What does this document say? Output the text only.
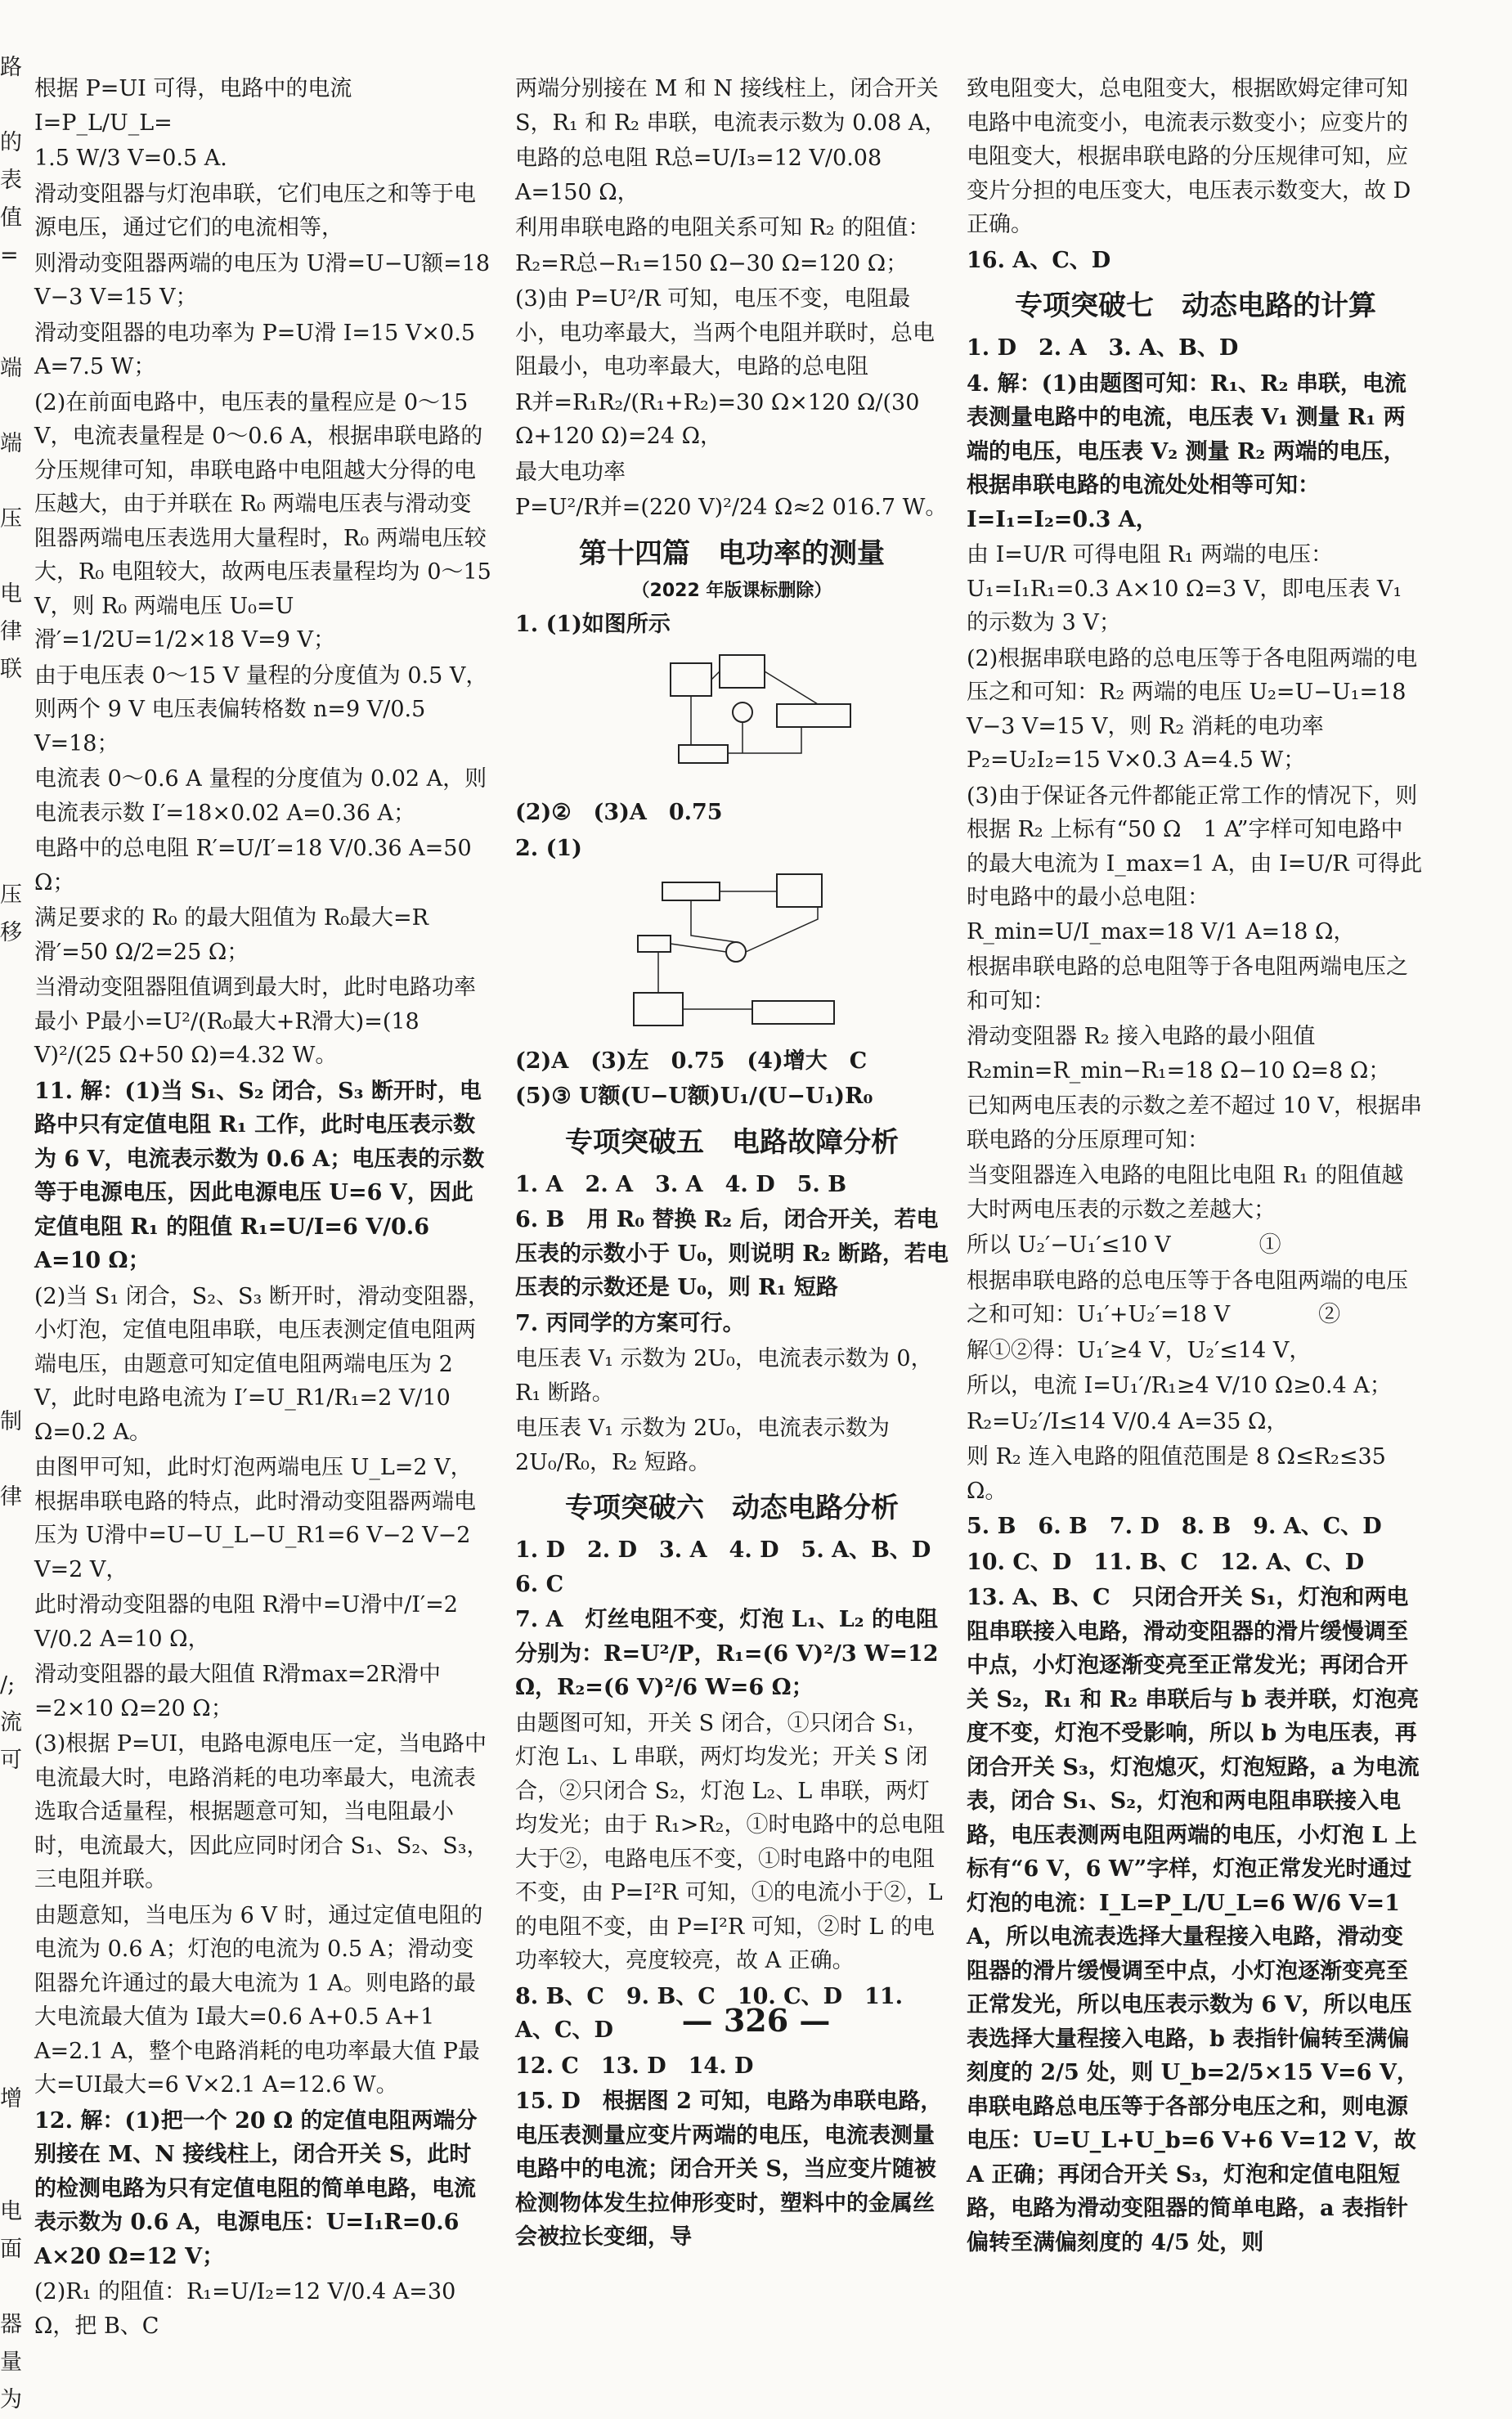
路
的
表
值
=
端
端
压
电
律
联
压
移
制
律
/;
流
可
增
电
面
器
量
为

根据 P=UI 可得，电路中的电流 I=P_L/U_L=

1.5 W/3 V=0.5 A.

滑动变阻器与灯泡串联，它们电压之和等于电源电压，通过它们的电流相等，

则滑动变阻器两端的电压为 U滑=U−U额=18 V−3 V=15 V；

滑动变阻器的电功率为 P=U滑 I=15 V×0.5 A=7.5 W；

(2)在前面电路中，电压表的量程应是 0～15 V，电流表量程是 0～0.6 A，根据串联电路的分压规律可知，串联电路中电阻越大分得的电压越大，由于并联在 R₀ 两端电压表与滑动变阻器两端电压表选用大量程时，R₀ 两端电压较大，R₀ 电阻较大，故两电压表量程均为 0～15 V，则 R₀ 两端电压 U₀=U滑′=1/2U=1/2×18 V=9 V；

由于电压表 0～15 V 量程的分度值为 0.5 V，则两个 9 V 电压表偏转格数 n=9 V/0.5 V=18；

电流表 0～0.6 A 量程的分度值为 0.02 A，则电流表示数 I′=18×0.02 A=0.36 A；

电路中的总电阻 R′=U/I′=18 V/0.36 A=50 Ω；

满足要求的 R₀ 的最大阻值为 R₀最大=R滑′=50 Ω/2=25 Ω；

当滑动变阻器阻值调到最大时，此时电路功率最小 P最小=U²/(R₀最大+R滑大)=(18 V)²/(25 Ω+50 Ω)=4.32 W。

11. 解：(1)当 S₁、S₂ 闭合，S₃ 断开时，电路中只有定值电阻 R₁ 工作，此时电压表示数为 6 V，电流表示数为 0.6 A；电压表的示数等于电源电压，因此电源电压 U=6 V，因此定值电阻 R₁ 的阻值 R₁=U/I=6 V/0.6 A=10 Ω；

(2)当 S₁ 闭合，S₂、S₃ 断开时，滑动变阻器，小灯泡，定值电阻串联，电压表测定值电阻两端电压，由题意可知定值电阻两端电压为 2 V，此时电路电流为 I′=U_R1/R₁=2 V/10 Ω=0.2 A。

由图甲可知，此时灯泡两端电压 U_L=2 V，根据串联电路的特点，此时滑动变阻器两端电压为 U滑中=U−U_L−U_R1=6 V−2 V−2 V=2 V，

此时滑动变阻器的电阻 R滑中=U滑中/I′=2 V/0.2 A=10 Ω，

滑动变阻器的最大阻值 R滑max=2R滑中=2×10 Ω=20 Ω；

(3)根据 P=UI，电路电源电压一定，当电路中电流最大时，电路消耗的电功率最大，电流表选取合适量程，根据题意可知，当电阻最小时，电流最大，因此应同时闭合 S₁、S₂、S₃，三电阻并联。

由题意知，当电压为 6 V 时，通过定值电阻的电流为 0.6 A；灯泡的电流为 0.5 A；滑动变阻器允许通过的最大电流为 1 A。则电路的最大电流最大值为 I最大=0.6 A+0.5 A+1 A=2.1 A，整个电路消耗的电功率最大值 P最大=UI最大=6 V×2.1 A=12.6 W。

12. 解：(1)把一个 20 Ω 的定值电阻两端分别接在 M、N 接线柱上，闭合开关 S，此时的检测电路为只有定值电阻的简单电路，电流表示数为 0.6 A，电源电压：U=I₁R=0.6 A×20 Ω=12 V；

(2)R₁ 的阻值：R₁=U/I₂=12 V/0.4 A=30 Ω，把 B、C

两端分别接在 M 和 N 接线柱上，闭合开关 S，R₁ 和 R₂ 串联，电流表示数为 0.08 A，

电路的总电阻 R总=U/I₃=12 V/0.08 A=150 Ω，

利用串联电路的电阻关系可知 R₂ 的阻值：

R₂=R总−R₁=150 Ω−30 Ω=120 Ω；

(3)由 P=U²/R 可知，电压不变，电阻最小，电功率最大，当两个电阻并联时，总电阻最小，电功率最大，电路的总电阻

R并=R₁R₂/(R₁+R₂)=30 Ω×120 Ω/(30 Ω+120 Ω)=24 Ω，

最大电功率

P=U²/R并=(220 V)²/24 Ω≈2 016.7 W。

第十四篇　电功率的测量
（2022 年版课标删除）

1. (1)如图所示

(2)②　(3)A　0.75

2. (1)

(2)A　(3)左　0.75　(4)增大　C

(5)③ U额(U−U额)U₁/(U−U₁)R₀

专项突破五　电路故障分析

1. A　2. A　3. A　4. D　5. B

6. B　用 R₀ 替换 R₂ 后，闭合开关，若电压表的示数小于 U₀，则说明 R₂ 断路，若电压表的示数还是 U₀，则 R₁ 短路

7. 丙同学的方案可行。

电压表 V₁ 示数为 2U₀，电流表示数为 0，R₁ 断路。

电压表 V₁ 示数为 2U₀，电流表示数为 2U₀/R₀，R₂ 短路。

专项突破六　动态电路分析

1. D　2. D　3. A　4. D　5. A、B、D　6. C

7. A　灯丝电阻不变，灯泡 L₁、L₂ 的电阻分别为：R=U²/P，R₁=(6 V)²/3 W=12 Ω，R₂=(6 V)²/6 W=6 Ω；

由题图可知，开关 S 闭合，①只闭合 S₁，灯泡 L₁、L 串联，两灯均发光；开关 S 闭合，②只闭合 S₂，灯泡 L₂、L 串联，两灯均发光；由于 R₁>R₂，①时电路中的总电阻大于②，电路电压不变，①时电路中的电阻不变，由 P=I²R 可知，①的电流小于②，L 的电阻不变，由 P=I²R 可知，②时 L 的电功率较大，亮度较亮，故 A 正确。

8. B、C　9. B、C　10. C、D　11. A、C、D

12. C　13. D　14. D

15. D　根据图 2 可知，电路为串联电路，电压表测量应变片两端的电压，电流表测量电路中的电流；闭合开关 S，当应变片随被检测物体发生拉伸形变时，塑料中的金属丝会被拉长变细，导

致电阻变大，总电阻变大，根据欧姆定律可知电路中电流变小，电流表示数变小；应变片的电阻变大，根据串联电路的分压规律可知，应变片分担的电压变大，电压表示数变大，故 D 正确。

16. A、C、D

专项突破七　动态电路的计算

1. D　2. A　3. A、B、D

4. 解：(1)由题图可知：R₁、R₂ 串联，电流表测量电路中的电流，电压表 V₁ 测量 R₁ 两端的电压，电压表 V₂ 测量 R₂ 两端的电压，根据串联电路的电流处处相等可知：I=I₁=I₂=0.3 A，

由 I=U/R 可得电阻 R₁ 两端的电压：U₁=I₁R₁=0.3 A×10 Ω=3 V，即电压表 V₁ 的示数为 3 V；

(2)根据串联电路的总电压等于各电阻两端的电压之和可知：R₂ 两端的电压 U₂=U−U₁=18 V−3 V=15 V，则 R₂ 消耗的电功率 P₂=U₂I₂=15 V×0.3 A=4.5 W；

(3)由于保证各元件都能正常工作的情况下，则根据 R₂ 上标有“50 Ω　1 A”字样可知电路中的最大电流为 I_max=1 A，由 I=U/R 可得此时电路中的最小总电阻：R_min=U/I_max=18 V/1 A=18 Ω，

根据串联电路的总电阻等于各电阻两端电压之和可知：

滑动变阻器 R₂ 接入电路的最小阻值 R₂min=R_min−R₁=18 Ω−10 Ω=8 Ω；

已知两电压表的示数之差不超过 10 V，根据串联电路的分压原理可知：

当变阻器连入电路的电阻比电阻 R₁ 的阻值越大时两电压表的示数之差越大；

所以 U₂′−U₁′≤10 V　　　　①

根据串联电路的总电压等于各电阻两端的电压之和可知：U₁′+U₂′=18 V　　　　②

解①②得：U₁′≥4 V，U₂′≤14 V，

所以，电流 I=U₁′/R₁≥4 V/10 Ω≥0.4 A；

R₂=U₂′/I≤14 V/0.4 A=35 Ω，

则 R₂ 连入电路的阻值范围是 8 Ω≤R₂≤35 Ω。

5. B　6. B　7. D　8. B　9. A、C、D

10. C、D　11. B、C　12. A、C、D

13. A、B、C　只闭合开关 S₁，灯泡和两电阻串联接入电路，滑动变阻器的滑片缓慢调至中点，小灯泡逐渐变亮至正常发光；再闭合开关 S₂，R₁ 和 R₂ 串联后与 b 表并联，灯泡亮度不变，灯泡不受影响，所以 b 为电压表，再闭合开关 S₃，灯泡熄灭，灯泡短路，a 为电流表，闭合 S₁、S₂，灯泡和两电阻串联接入电路，电压表测两电阻两端的电压，小灯泡 L 上标有“6 V，6 W”字样，灯泡正常发光时通过灯泡的电流：I_L=P_L/U_L=6 W/6 V=1 A，所以电流表选择大量程接入电路，滑动变阻器的滑片缓慢调至中点，小灯泡逐渐变亮至正常发光，所以电压表示数为 6 V，所以电压表选择大量程接入电路，b 表指针偏转至满偏刻度的 2/5 处，则 U_b=2/5×15 V=6 V，串联电路总电压等于各部分电压之和，则电源电压：U=U_L+U_b=6 V+6 V=12 V，故 A 正确；再闭合开关 S₃，灯泡和定值电阻短路，电路为滑动变阻器的简单电路，a 表指针偏转至满偏刻度的 4/5 处，则

— 326 —
